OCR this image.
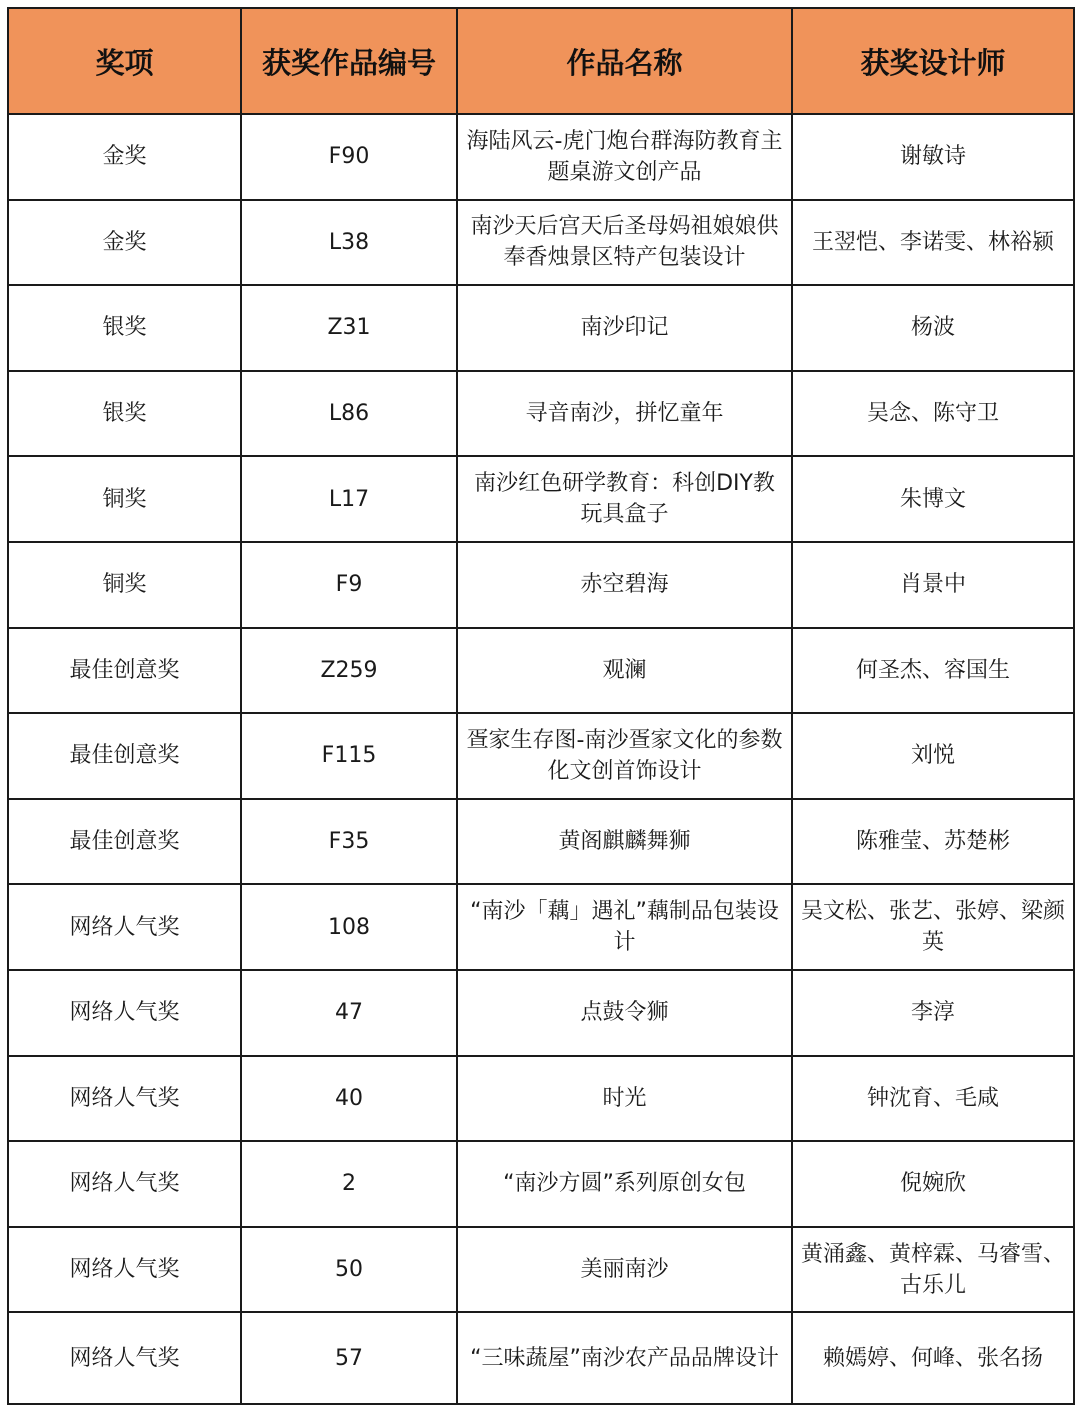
奖项	获奖作品编号	作品名称	获奖设计师
金奖	F90	海陆风云-虎门炮台群海防教育主题桌游文创产品	谢敏诗
金奖	L38	南沙天后宫天后圣母妈祖娘娘供奉香烛景区特产包装设计	王翌恺、李诺雯、林裕颍
银奖	Z31	南沙印记	杨波
银奖	L86	寻音南沙，拼忆童年	吴念、陈守卫
铜奖	L17	南沙红色研学教育：科创DIY教玩具盒子	朱博文
铜奖	F9	赤空碧海	肖景中
最佳创意奖	Z259	观澜	何圣杰、容国生
最佳创意奖	F115	疍家生存图-南沙疍家文化的参数化文创首饰设计	刘悦
最佳创意奖	F35	黄阁麒麟舞狮	陈雅莹、苏楚彬
网络人气奖	108	“南沙「藕」遇礼”藕制品包装设计	吴文松、张艺、张婷、梁颜英
网络人气奖	47	点鼓令狮	李淳
网络人气奖	40	时光	钟沈育、毛咸
网络人气奖	2	“南沙方圆”系列原创女包	倪婉欣
网络人气奖	50	美丽南沙	黄涌鑫、黄梓霖、马睿雪、古乐儿
网络人气奖	57	“三味蔬屋”南沙农产品品牌设计	赖嫣婷、何峰、张名扬
